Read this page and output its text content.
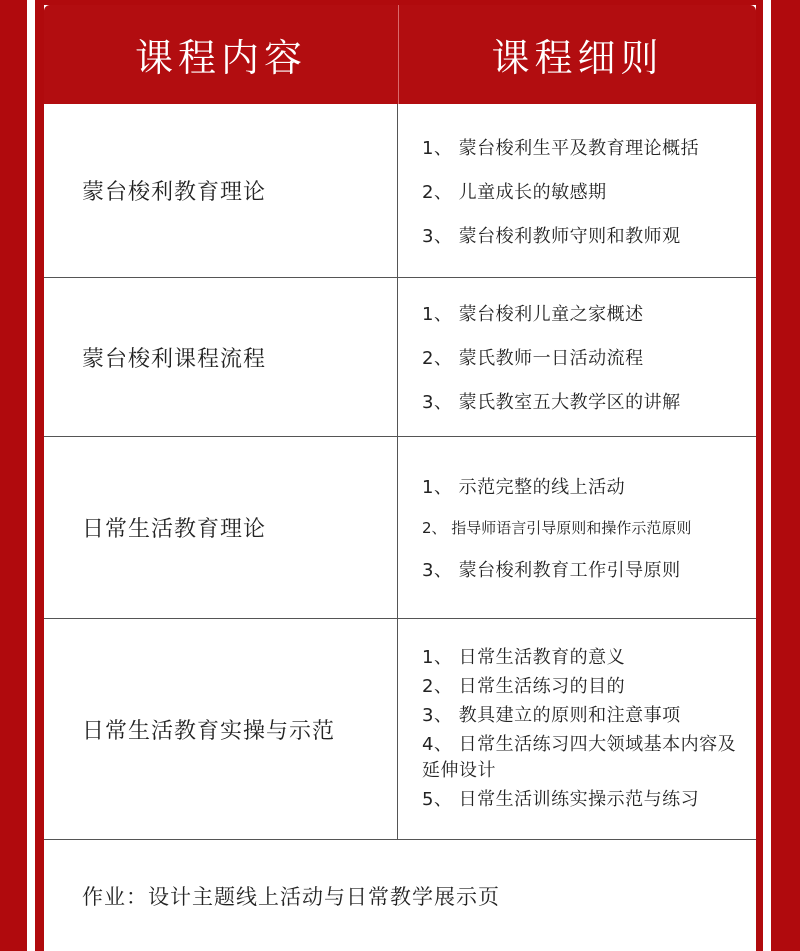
课程内容	课程细则
蒙台梭利教育理论
1、 蒙台梭利生平及教育理论概括
2、 儿童成长的敏感期
3、 蒙台梭利教师守则和教师观
蒙台梭利课程流程
1、 蒙台梭利儿童之家概述
2、 蒙氏教师一日活动流程
3、 蒙氏教室五大教学区的讲解
日常生活教育理论
1、 示范完整的线上活动
2、 指导师语言引导原则和操作示范原则
3、 蒙台梭利教育工作引导原则
日常生活教育实操与示范
1、 日常生活教育的意义
2、 日常生活练习的目的
3、 教具建立的原则和注意事项
4、 日常生活练习四大领域基本内容及延伸设计
5、 日常生活训练实操示范与练习
作业：设计主题线上活动与日常教学展示页
